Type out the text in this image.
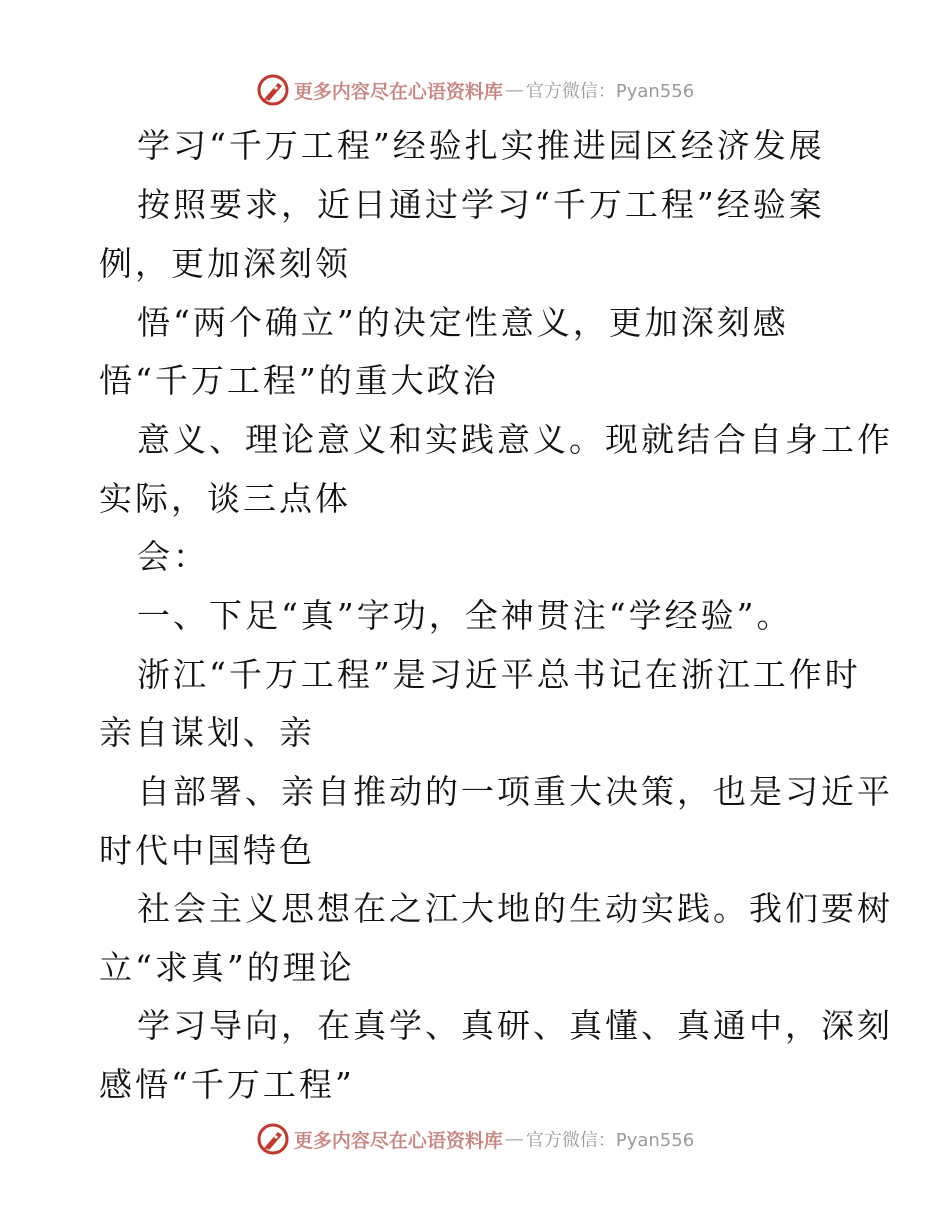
更多内容尽在心语资料库 — 官方微信：Pyan556
学习“千万工程”经验扎实推进园区经济发展
按照要求，近日通过学习“千万工程”经验案
例，更加深刻领
悟“两个确立”的决定性意义，更加深刻感
悟“千万工程”的重大政治
意义、理论意义和实践意义。现就结合自身工作
实际，谈三点体
会：
一、下足“真”字功，全神贯注“学经验”。
浙江“千万工程”是习近平总书记在浙江工作时
亲自谋划、亲
自部署、亲自推动的一项重大决策，也是习近平
时代中国特色
社会主义思想在之江大地的生动实践。我们要树
立“求真”的理论
学习导向，在真学、真研、真懂、真通中，深刻
感悟“千万工程”
更多内容尽在心语资料库 — 官方微信：Pyan556
